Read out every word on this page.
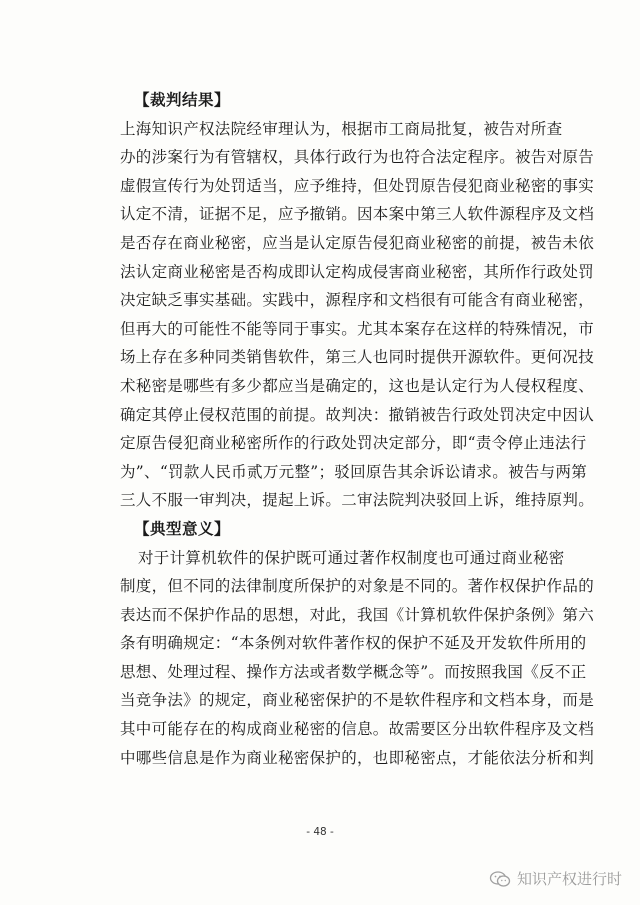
【裁判结果】

上海知识产权法院经审理认为，根据市工商局批复，被告对所查

办的涉案行为有管辖权，具体行政行为也符合法定程序。被告对原告

虚假宣传行为处罚适当，应予维持，但处罚原告侵犯商业秘密的事实

认定不清，证据不足，应予撤销。因本案中第三人软件源程序及文档

是否存在商业秘密，应当是认定原告侵犯商业秘密的前提，被告未依

法认定商业秘密是否构成即认定构成侵害商业秘密，其所作行政处罚

决定缺乏事实基础。实践中，源程序和文档很有可能含有商业秘密，

但再大的可能性不能等同于事实。尤其本案存在这样的特殊情况，市

场上存在多种同类销售软件，第三人也同时提供开源软件。更何况技

术秘密是哪些有多少都应当是确定的，这也是认定行为人侵权程度、

确定其停止侵权范围的前提。故判决：撤销被告行政处罚决定中因认

定原告侵犯商业秘密所作的行政处罚决定部分，即“责令停止违法行

为”、“罚款人民币贰万元整”；驳回原告其余诉讼请求。被告与两第

三人不服一审判决，提起上诉。二审法院判决驳回上诉，维持原判。

【典型意义】

对于计算机软件的保护既可通过著作权制度也可通过商业秘密

制度，但不同的法律制度所保护的对象是不同的。著作权保护作品的

表达而不保护作品的思想，对此，我国《计算机软件保护条例》第六

条有明确规定：“本条例对软件著作权的保护不延及开发软件所用的

思想、处理过程、操作方法或者数学概念等”。而按照我国《反不正

当竞争法》的规定，商业秘密保护的不是软件程序和文档本身，而是

其中可能存在的构成商业秘密的信息。故需要区分出软件程序及文档

中哪些信息是作为商业秘密保护的，也即秘密点，才能依法分析和判

- 48 -
知识产权进行时
